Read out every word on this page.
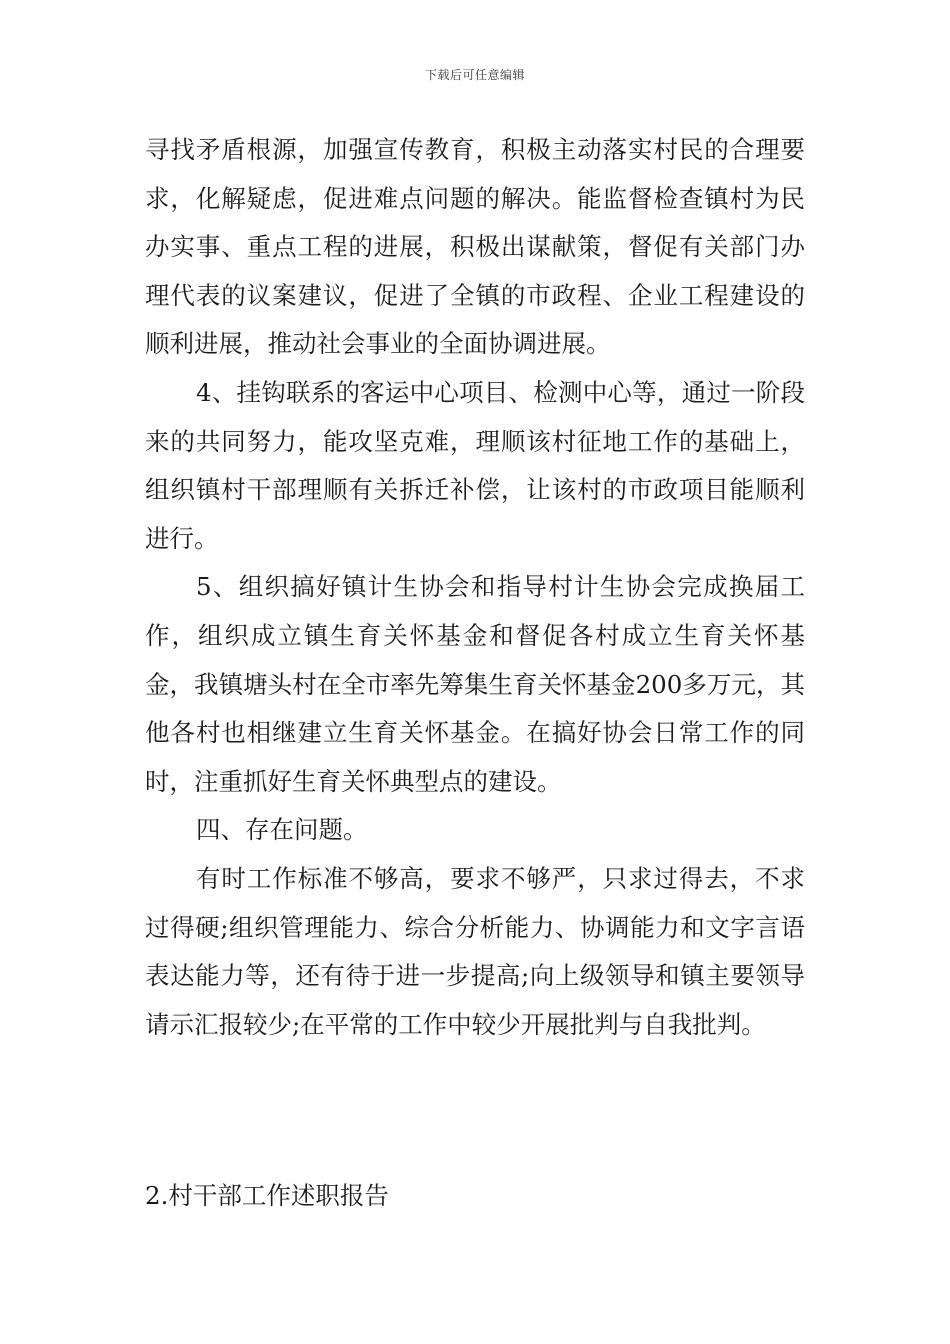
下载后可任意编辑

寻找矛盾根源，加强宣传教育，积极主动落实村民的合理要求，化解疑虑，促进难点问题的解决。能监督检查镇村为民办实事、重点工程的进展，积极出谋献策，督促有关部门办理代表的议案建议，促进了全镇的市政程、企业工程建设的顺利进展，推动社会事业的全面协调进展。

4、挂钩联系的客运中心项目、检测中心等，通过一阶段来的共同努力，能攻坚克难，理顺该村征地工作的基础上，组织镇村干部理顺有关拆迁补偿，让该村的市政项目能顺利进行。

5、组织搞好镇计生协会和指导村计生协会完成换届工作，组织成立镇生育关怀基金和督促各村成立生育关怀基金，我镇塘头村在全市率先筹集生育关怀基金200多万元，其他各村也相继建立生育关怀基金。在搞好协会日常工作的同时，注重抓好生育关怀典型点的建设。

四、存在问题。

有时工作标准不够高，要求不够严，只求过得去，不求过得硬;组织管理能力、综合分析能力、协调能力和文字言语表达能力等，还有待于进一步提高;向上级领导和镇主要领导请示汇报较少;在平常的工作中较少开展批判与自我批判。

2.村干部工作述职报告
